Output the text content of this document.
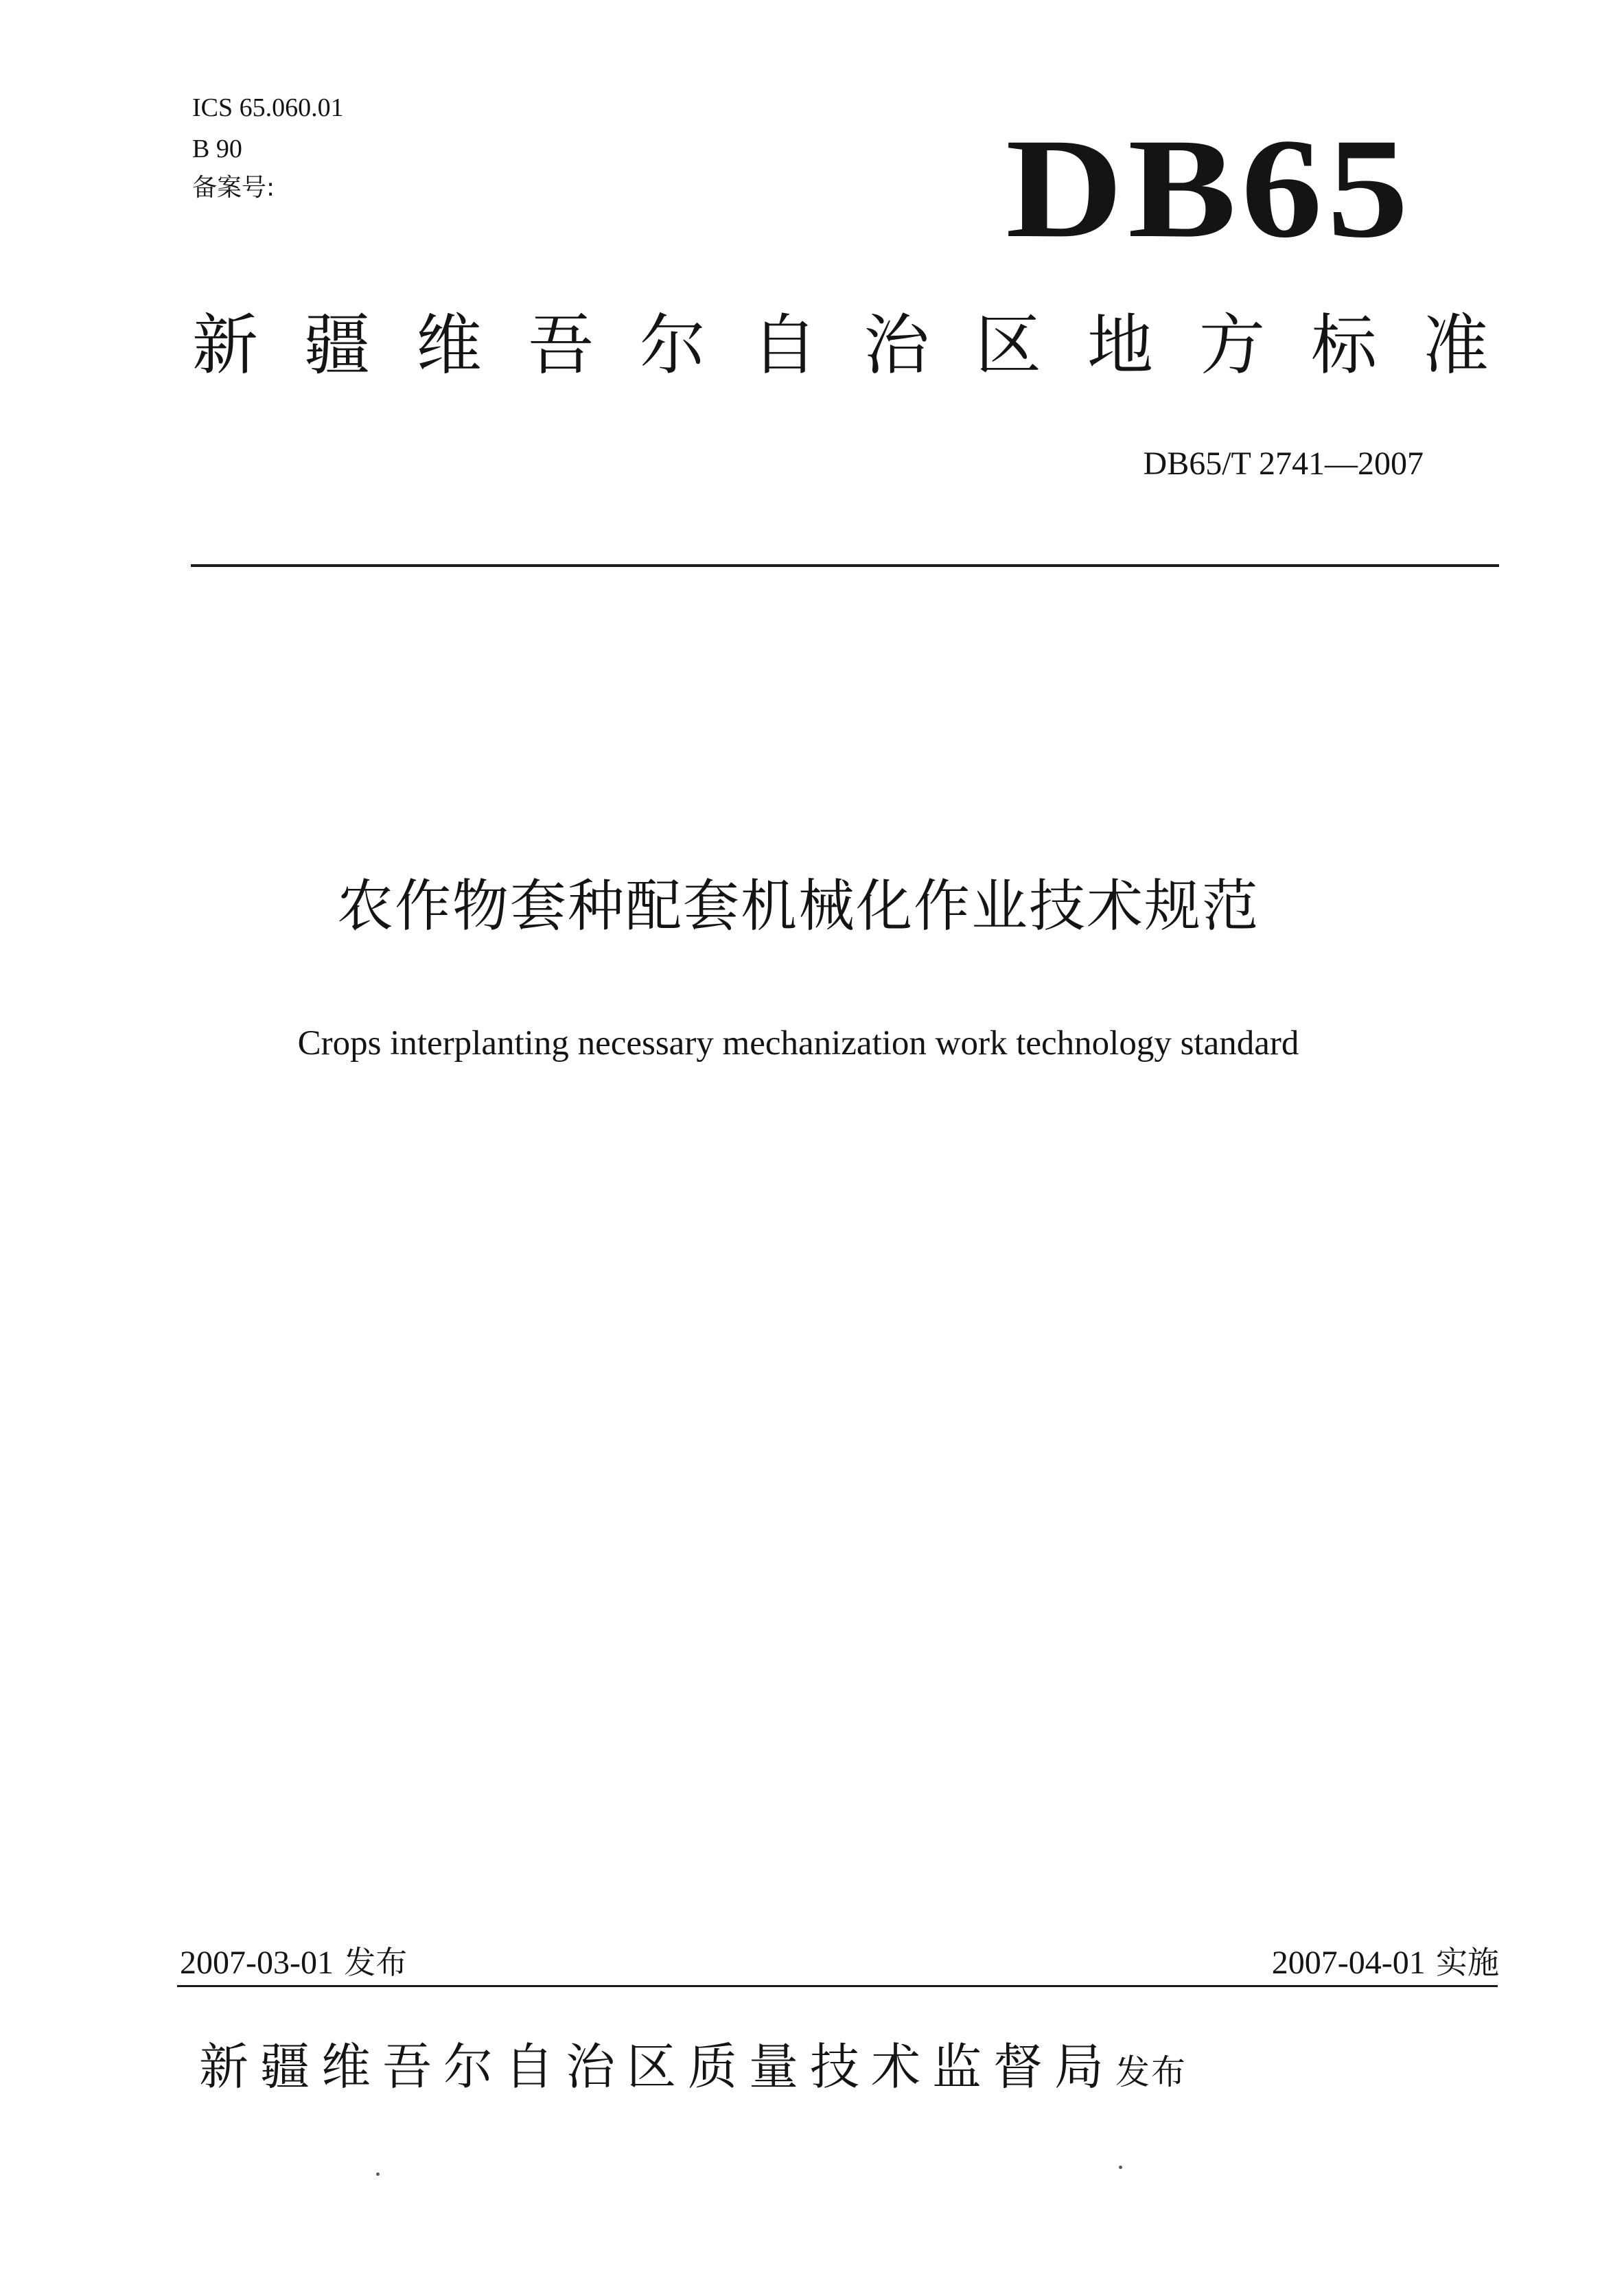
ICS 65.060.01
B 90
备案号:	DB65
新疆维吾尔自治区地方标准
DB65/T 2741—2007
农作物套种配套机械化作业技术规范
Crops interplanting necessary mechanization work technology standard
2007-03-01 发布	2007-04-01 实施
新疆维吾尔自治区质量技术监督局发布
